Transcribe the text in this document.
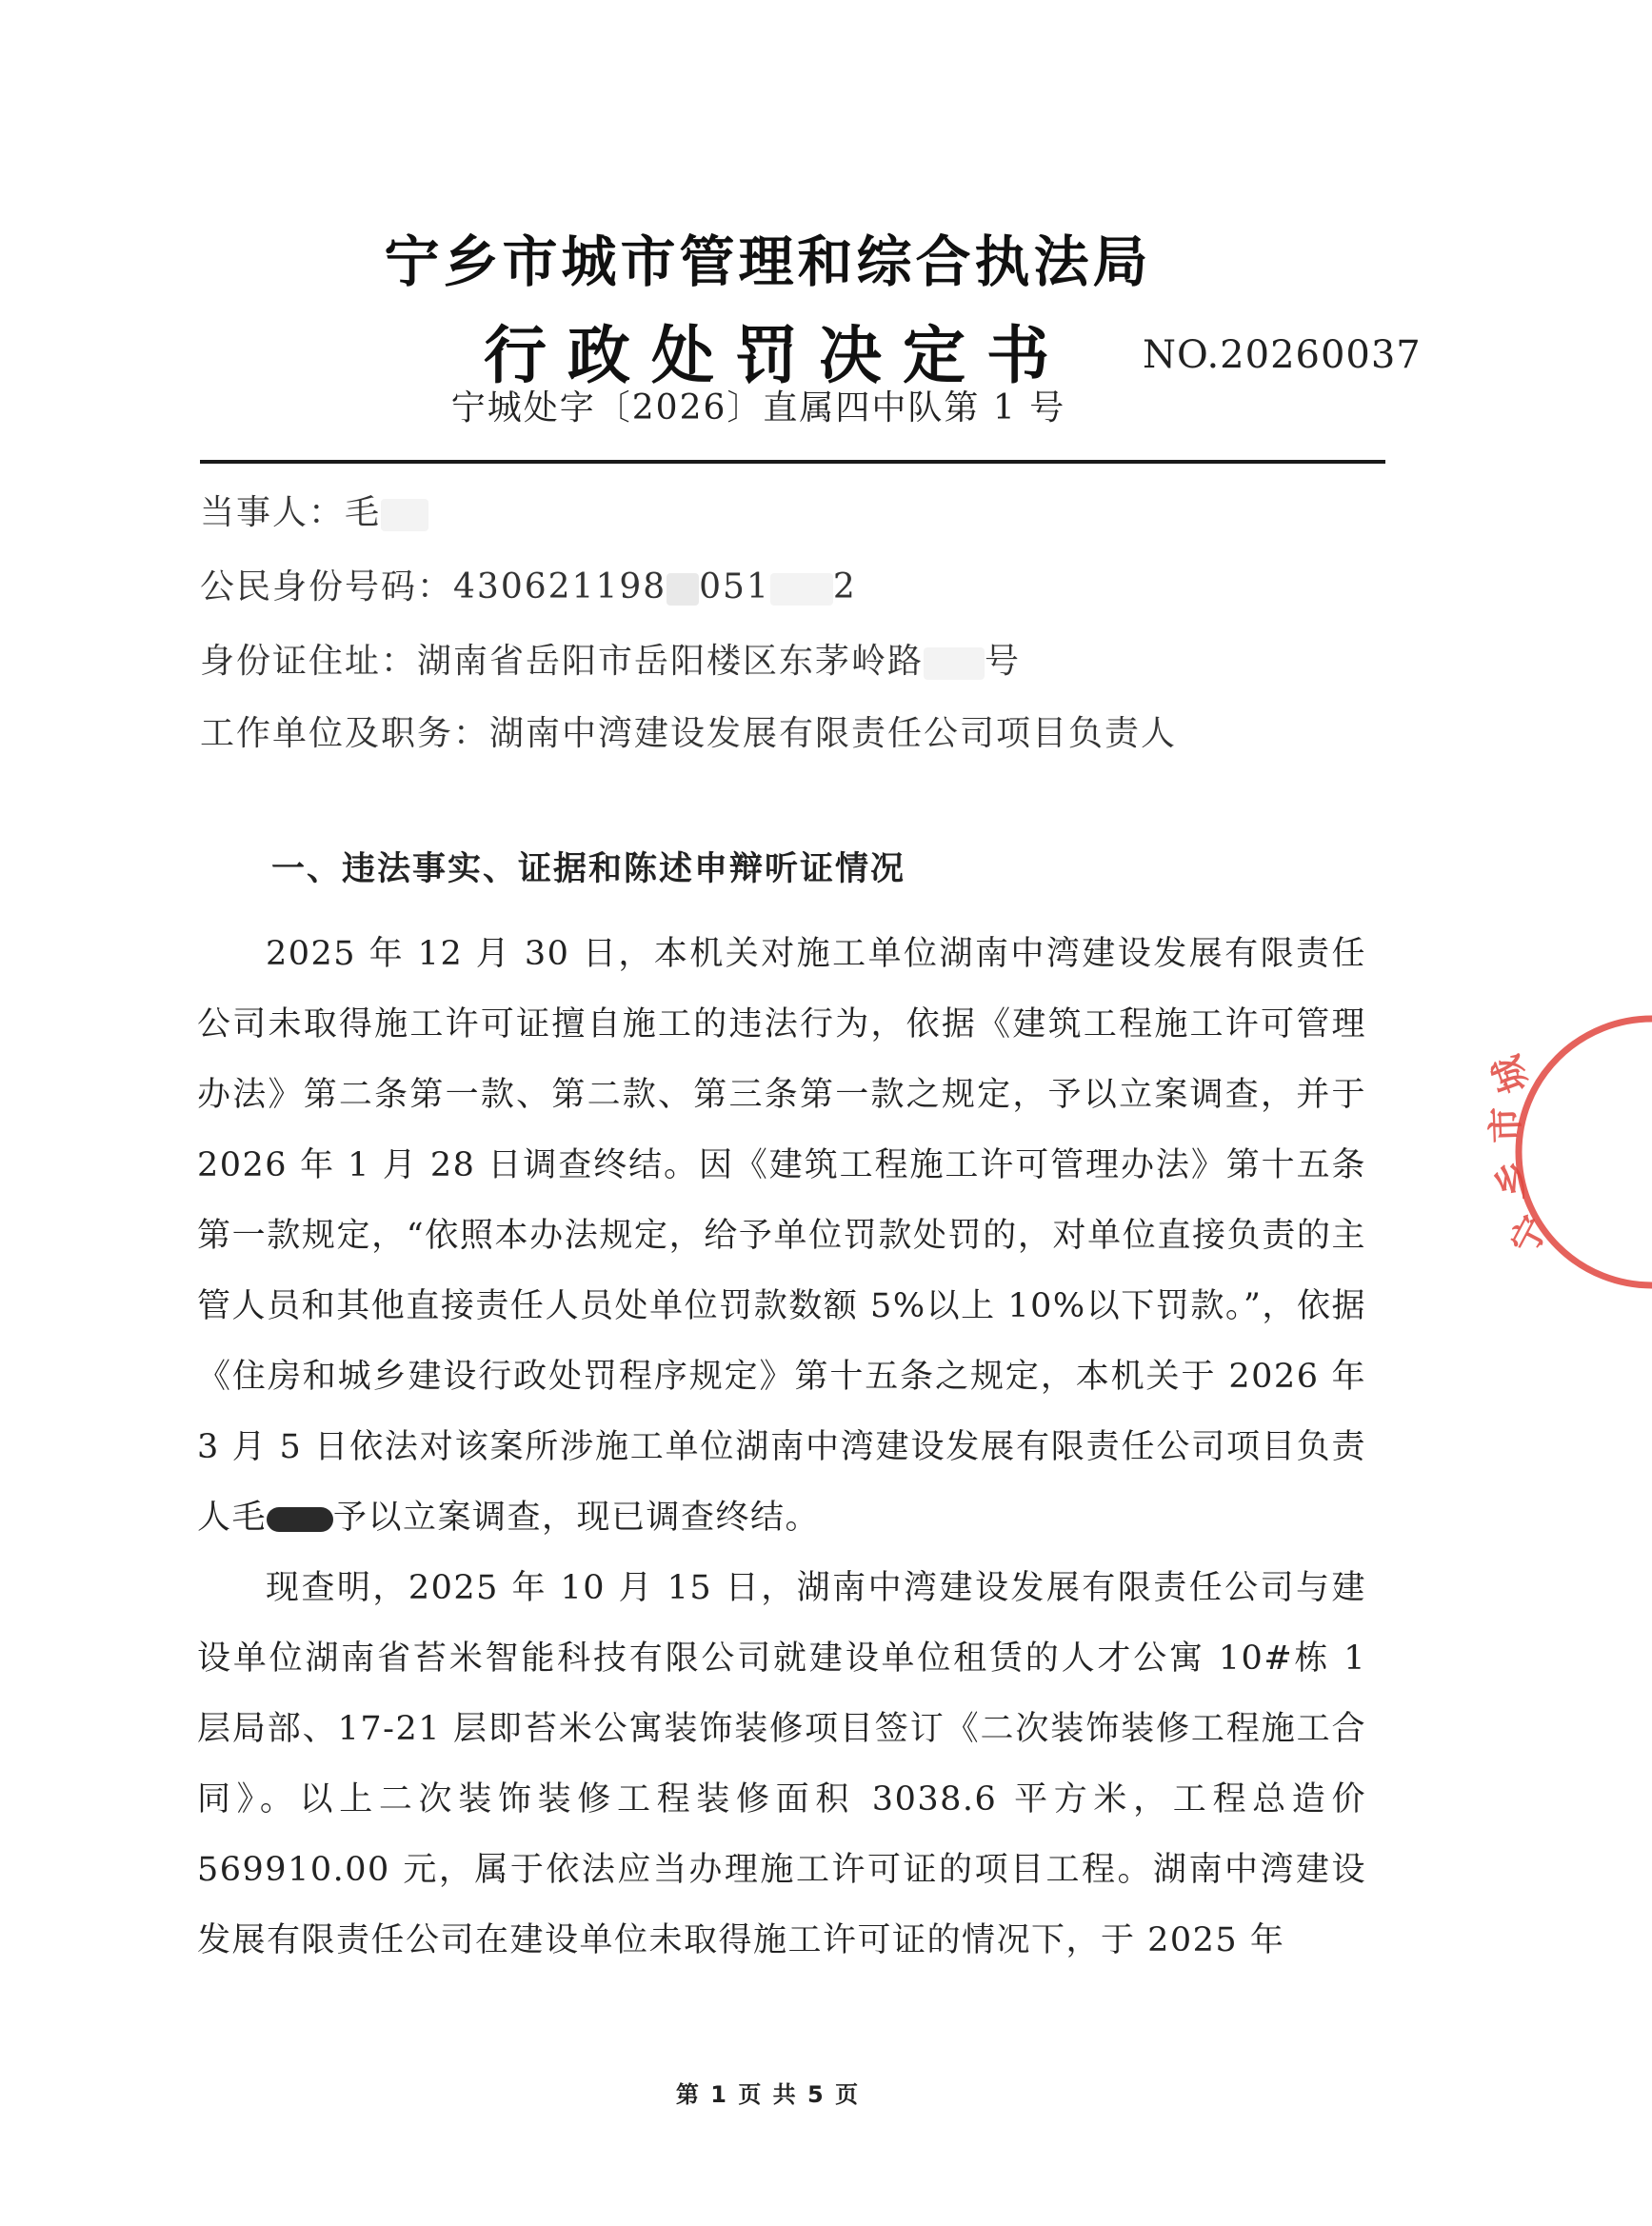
宁乡市城市管理和综合执法局
行政处罚决定书 NO.20260037
宁城处字〔2026〕直属四中队第 1 号
当事人：毛
公民身份号码：430621198 051 2
身份证住址：湖南省岳阳市岳阳楼区东茅岭路 号
工作单位及职务：湖南中湾建设发展有限责任公司项目负责人
一、违法事实、证据和陈述申辩听证情况

2025 年 12 月 30 日，本机关对施工单位湖南中湾建设发展有限责任公司未取得施工许可证擅自施工的违法行为，依据《建筑工程施工许可管理办法》第二条第一款、第二款、第三条第一款之规定，予以立案调查，并于 2026 年 1 月 28 日调查终结。因《建筑工程施工许可管理办法》第十五条第一款规定，“依照本办法规定，给予单位罚款处罚的，对单位直接负责的主管人员和其他直接责任人员处单位罚款数额 5%以上 10%以下罚款。”，依据《住房和城乡建设行政处罚程序规定》第十五条之规定，本机关于 2026 年 3 月 5 日依法对该案所涉施工单位湖南中湾建设发展有限责任公司项目负责人毛 予以立案调查，现已调查终结。

现查明，2025 年 10 月 15 日，湖南中湾建设发展有限责任公司与建设单位湖南省苔米智能科技有限公司就建设单位租赁的人才公寓 10#栋 1 层局部、17-21 层即苔米公寓装饰装修项目签订《二次装饰装修工程施工合同》。以上二次装饰装修工程装修面积 3038.6 平方米，工程总造价 569910.00 元，属于依法应当办理施工许可证的项目工程。湖南中湾建设发展有限责任公司在建设单位未取得施工许可证的情况下，于 2025 年

第 1 页 共 5 页
宁
乡
市
城
